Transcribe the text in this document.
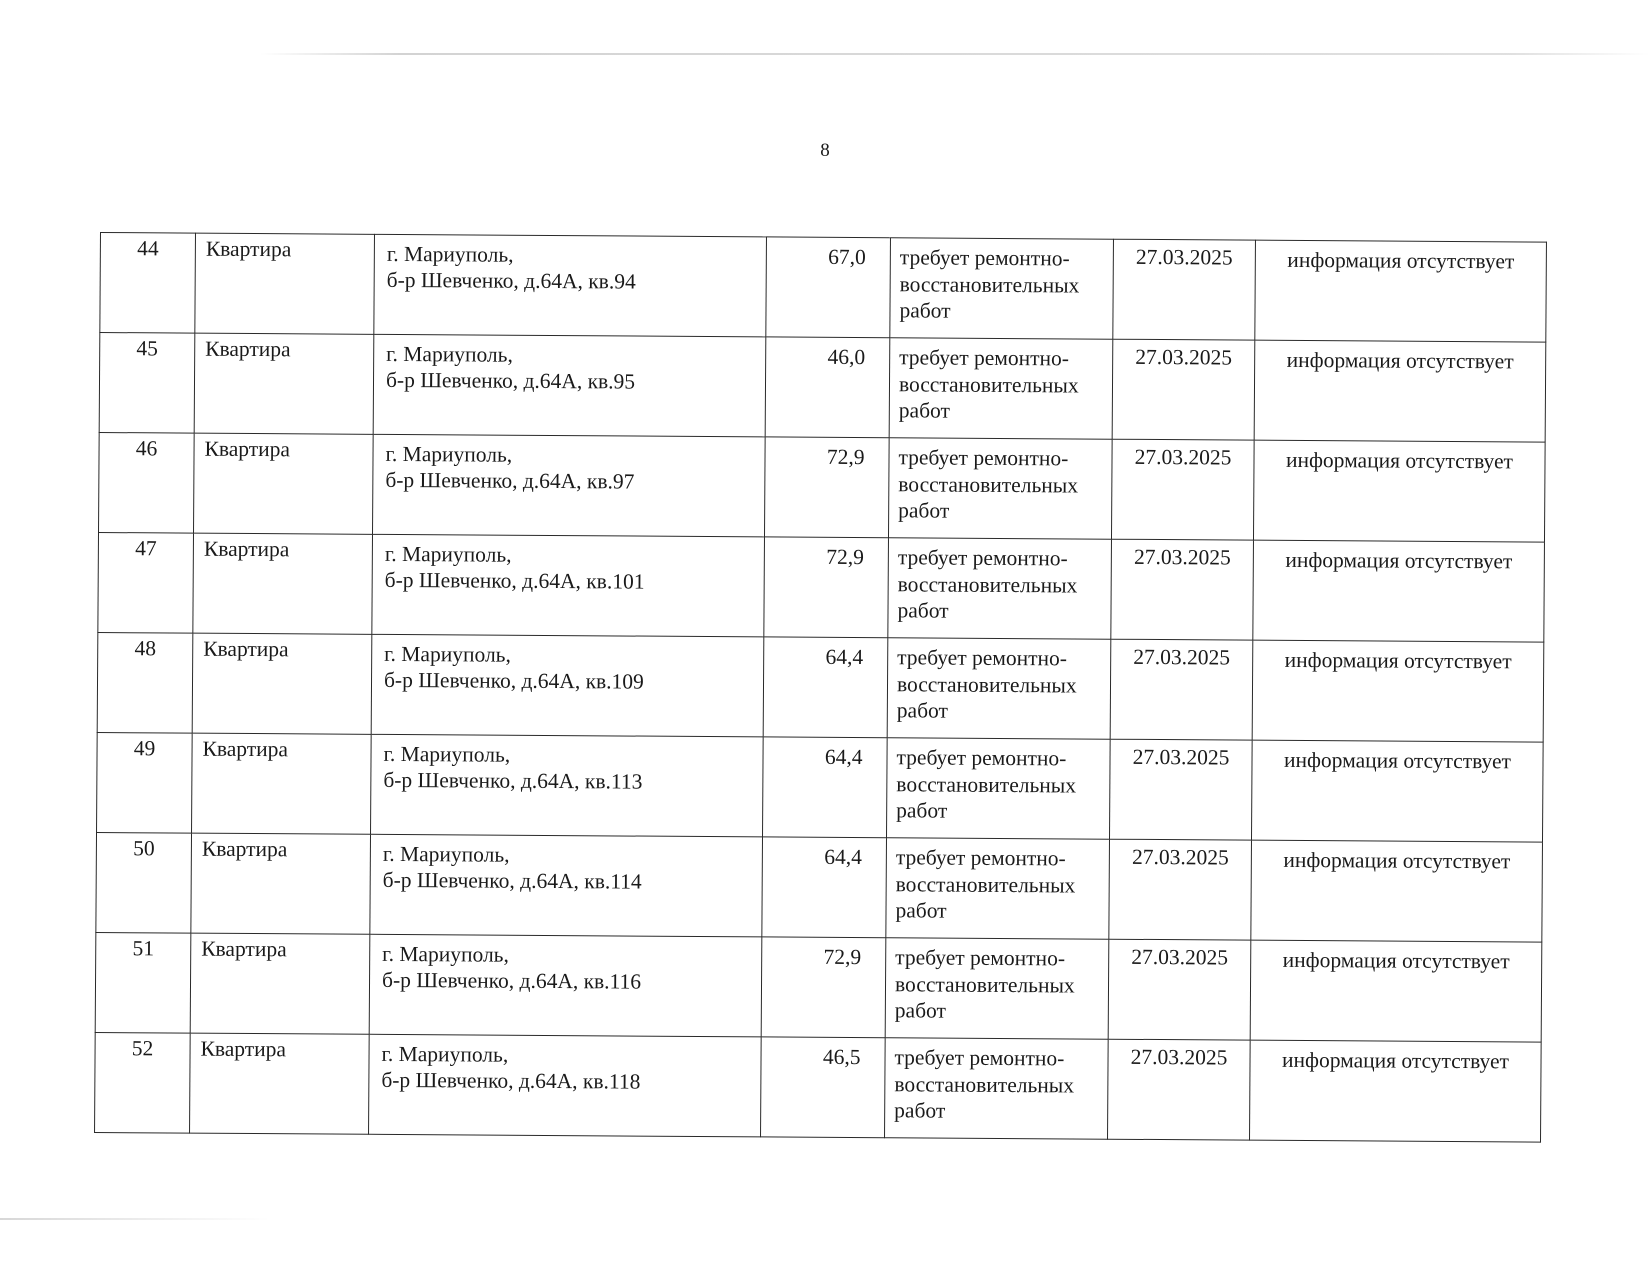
8
44	Квартира	г. Мариуполь,
б-р Шевченко, д.64А, кв.94	67,0	требует ремонтно-
восстановительных
работ	27.03.2025	информация отсутствует
45	Квартира	г. Мариуполь,
б-р Шевченко, д.64А, кв.95	46,0	требует ремонтно-
восстановительных
работ	27.03.2025	информация отсутствует
46	Квартира	г. Мариуполь,
б-р Шевченко, д.64А, кв.97	72,9	требует ремонтно-
восстановительных
работ	27.03.2025	информация отсутствует
47	Квартира	г. Мариуполь,
б-р Шевченко, д.64А, кв.101	72,9	требует ремонтно-
восстановительных
работ	27.03.2025	информация отсутствует
48	Квартира	г. Мариуполь,
б-р Шевченко, д.64А, кв.109	64,4	требует ремонтно-
восстановительных
работ	27.03.2025	информация отсутствует
49	Квартира	г. Мариуполь,
б-р Шевченко, д.64А, кв.113	64,4	требует ремонтно-
восстановительных
работ	27.03.2025	информация отсутствует
50	Квартира	г. Мариуполь,
б-р Шевченко, д.64А, кв.114	64,4	требует ремонтно-
восстановительных
работ	27.03.2025	информация отсутствует
51	Квартира	г. Мариуполь,
б-р Шевченко, д.64А, кв.116	72,9	требует ремонтно-
восстановительных
работ	27.03.2025	информация отсутствует
52	Квартира	г. Мариуполь,
б-р Шевченко, д.64А, кв.118	46,5	требует ремонтно-
восстановительных
работ	27.03.2025	информация отсутствует
